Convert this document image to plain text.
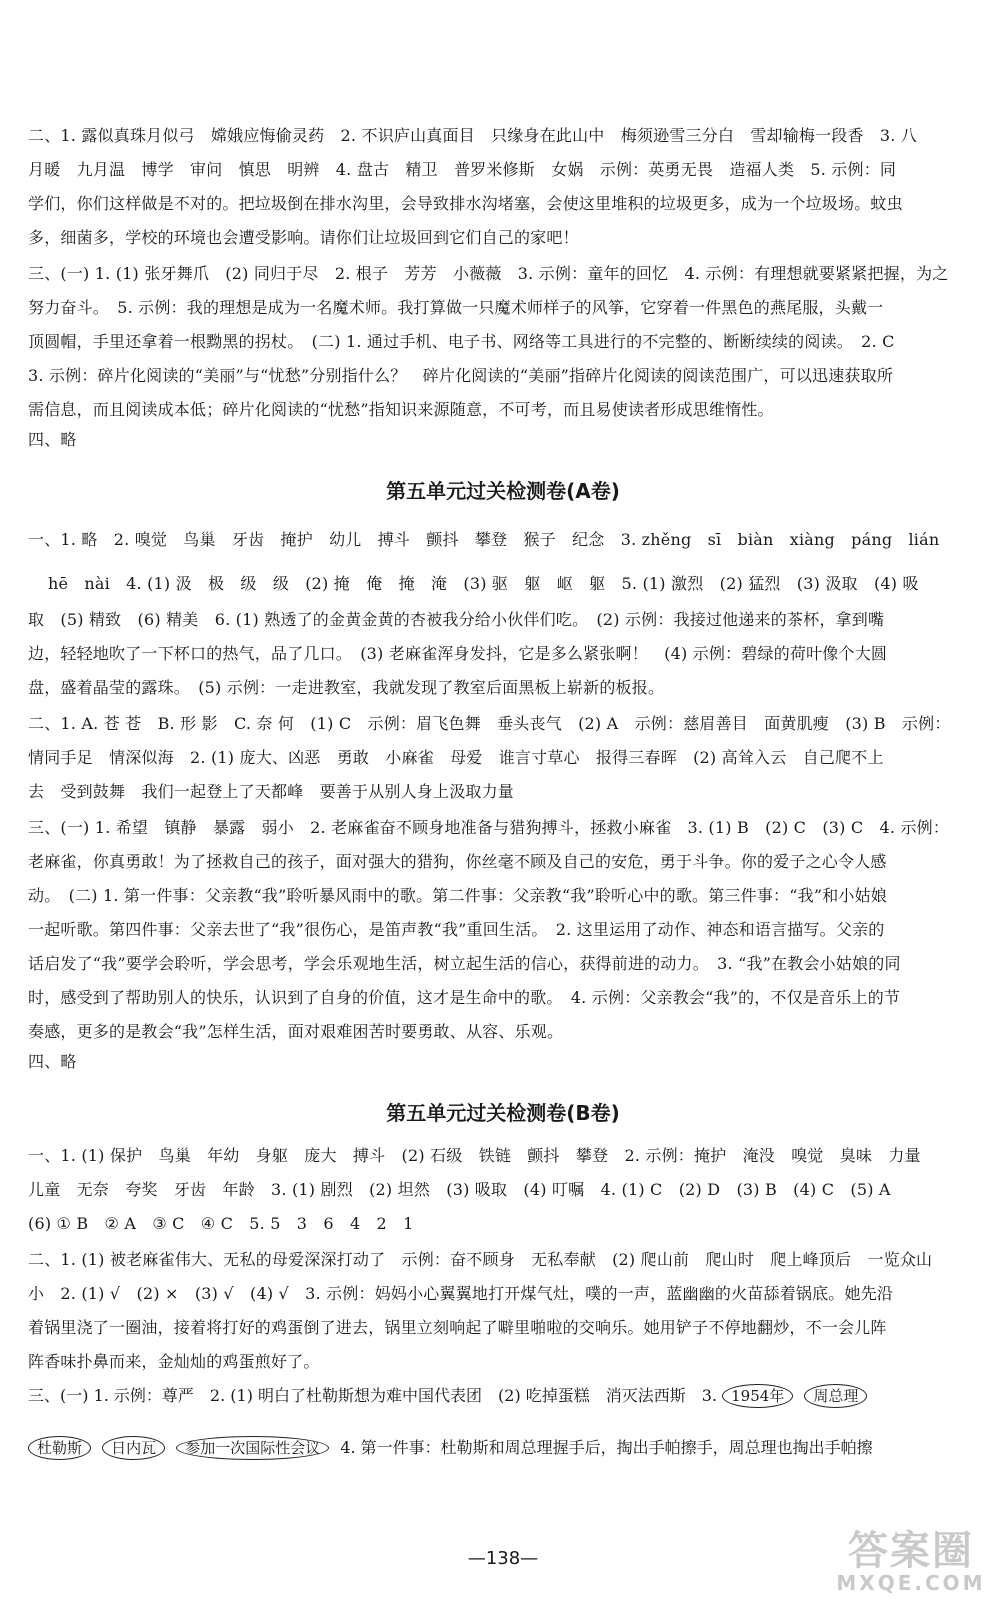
二、1. 露似真珠月似弓　嫦娥应悔偷灵药　2. 不识庐山真面目　只缘身在此山中　梅须逊雪三分白　雪却输梅一段香　3. 八
月暖　九月温　博学　审问　慎思　明辨　4. 盘古　精卫　普罗米修斯　女娲　示例：英勇无畏　造福人类　5. 示例：同
学们，你们这样做是不对的。把垃圾倒在排水沟里，会导致排水沟堵塞，会使这里堆积的垃圾更多，成为一个垃圾场。蚊虫
多，细菌多，学校的环境也会遭受影响。请你们让垃圾回到它们自己的家吧！
三、(一) 1. (1) 张牙舞爪　(2) 同归于尽　2. 根子　芳芳　小薇薇　3. 示例：童年的回忆　4. 示例：有理想就要紧紧把握，为之
努力奋斗。　5. 示例：我的理想是成为一名魔术师。我打算做一只魔术师样子的风筝，它穿着一件黑色的燕尾服，头戴一
顶圆帽，手里还拿着一根黝黑的拐杖。　(二) 1. 通过手机、电子书、网络等工具进行的不完整的、断断续续的阅读。　2. C
3. 示例：碎片化阅读的“美丽”与“忧愁”分别指什么？　碎片化阅读的“美丽”指碎片化阅读的阅读范围广，可以迅速获取所
需信息，而且阅读成本低；碎片化阅读的“忧愁”指知识来源随意，不可考，而且易使读者形成思维惰性。
四、略
第五单元过关检测卷(A卷)
一、1. 略　2. 嗅觉　鸟巢　牙齿　掩护　幼儿　搏斗　颤抖　攀登　猴子　纪念　3. zhěng　sī　biàn　xiàng　páng　lián
hē　nài　4. (1) 汲　极　级　级　(2) 掩　俺　掩　淹　(3) 驱　躯　岖　躯　5. (1) 激烈　(2) 猛烈　(3) 汲取　(4) 吸
取　(5) 精致　(6) 精美　6. (1) 熟透了的金黄金黄的杏被我分给小伙伴们吃。　(2) 示例：我接过他递来的茶杯，拿到嘴
边，轻轻地吹了一下杯口的热气，品了几口。　(3) 老麻雀浑身发抖，它是多么紧张啊！　(4) 示例：碧绿的荷叶像个大圆
盘，盛着晶莹的露珠。　(5) 示例：一走进教室，我就发现了教室后面黑板上崭新的板报。
二、1. A. 苍 苍　B. 形 影　C. 奈 何　(1) C　示例：眉飞色舞　垂头丧气　(2) A　示例：慈眉善目　面黄肌瘦　(3) B　示例：
情同手足　情深似海　2. (1) 庞大、凶恶　勇敢　小麻雀　母爱　谁言寸草心　报得三春晖　(2) 高耸入云　自己爬不上
去　受到鼓舞　我们一起登上了天都峰　要善于从别人身上汲取力量
三、(一) 1. 希望　镇静　暴露　弱小　2. 老麻雀奋不顾身地准备与猎狗搏斗，拯救小麻雀　3. (1) B　(2) C　(3) C　4. 示例：
老麻雀，你真勇敢！为了拯救自己的孩子，面对强大的猎狗，你丝毫不顾及自己的安危，勇于斗争。你的爱子之心令人感
动。　(二) 1. 第一件事：父亲教“我”聆听暴风雨中的歌。第二件事：父亲教“我”聆听心中的歌。第三件事：“我”和小姑娘
一起听歌。第四件事：父亲去世了“我”很伤心，是笛声教“我”重回生活。　2. 这里运用了动作、神态和语言描写。父亲的
话启发了“我”要学会聆听，学会思考，学会乐观地生活，树立起生活的信心，获得前进的动力。　3. “我”在教会小姑娘的同
时，感受到了帮助别人的快乐，认识到了自身的价值，这才是生命中的歌。　4. 示例：父亲教会“我”的，不仅是音乐上的节
奏感，更多的是教会“我”怎样生活，面对艰难困苦时要勇敢、从容、乐观。
四、略
第五单元过关检测卷(B卷)
一、1. (1) 保护　鸟巢　年幼　身躯　庞大　搏斗　(2) 石级　铁链　颤抖　攀登　2. 示例：掩护　淹没　嗅觉　臭味　力量
儿童　无奈　夸奖　牙齿　年龄　3. (1) 剧烈　(2) 坦然　(3) 吸取　(4) 叮嘱　4. (1) C　(2) D　(3) B　(4) C　(5) A
(6) ① B　② A　③ C　④ C　5. 5　3　6　4　2　1
二、1. (1) 被老麻雀伟大、无私的母爱深深打动了　示例：奋不顾身　无私奉献　(2) 爬山前　爬山时　爬上峰顶后　一览众山
小　2. (1) √　(2) ×　(3) √　(4) √　3. 示例：妈妈小心翼翼地打开煤气灶，噗的一声，蓝幽幽的火苗舔着锅底。她先沿
着锅里浇了一圈油，接着将打好的鸡蛋倒了进去，锅里立刻响起了噼里啪啦的交响乐。她用铲子不停地翻炒，不一会儿阵
阵香味扑鼻而来，金灿灿的鸡蛋煎好了。
三、(一) 1. 示例：尊严　2. (1) 明白了杜勒斯想为难中国代表团　(2) 吃掉蛋糕　消灭法西斯　3. 1954年 周总理
杜勒斯 日内瓦 参加一次国际性会议 4. 第一件事：杜勒斯和周总理握手后，掏出手帕擦手，周总理也掏出手帕擦
—138—	答案圈
MXQE.COM
